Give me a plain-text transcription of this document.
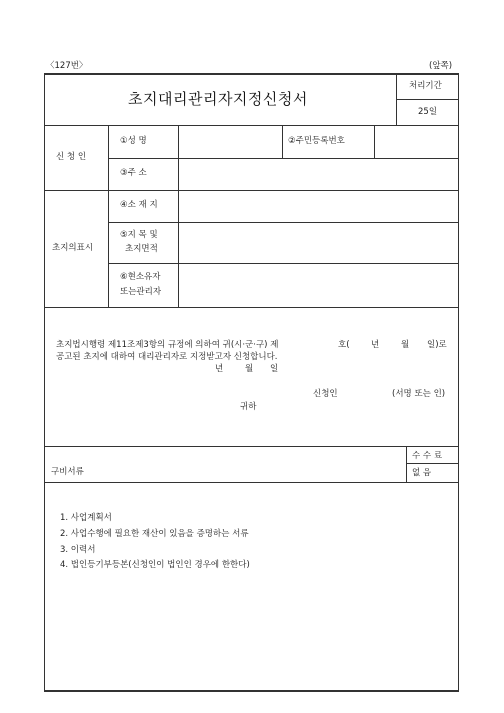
〈127번〉	(앞쪽)
초지대리관리자지정신청서
처리기간
25일
신 청 인
①성 명	②주민등록번호
③주 소
초지의표시
④소 재 지
⑤지 목 및
초지면적
⑥현소유자
또는관리자
초지법시행령 제11조제3항의 규정에 의하여 귀(시·군·구) 제	호(	년	월 일)로
공고된 초지에 대하여 대리관리자로 지정받고자 신청합니다.
년	월 일
신청인	(서명 또는 인)
귀하
구비서류
수 수 료
없 음
1. 사업계획서
2. 사업수행에 필요한 재산이 있음을 증명하는 서류
3. 이력서
4. 법인등기부등본(신청인이 법인인 경우에 한한다)
